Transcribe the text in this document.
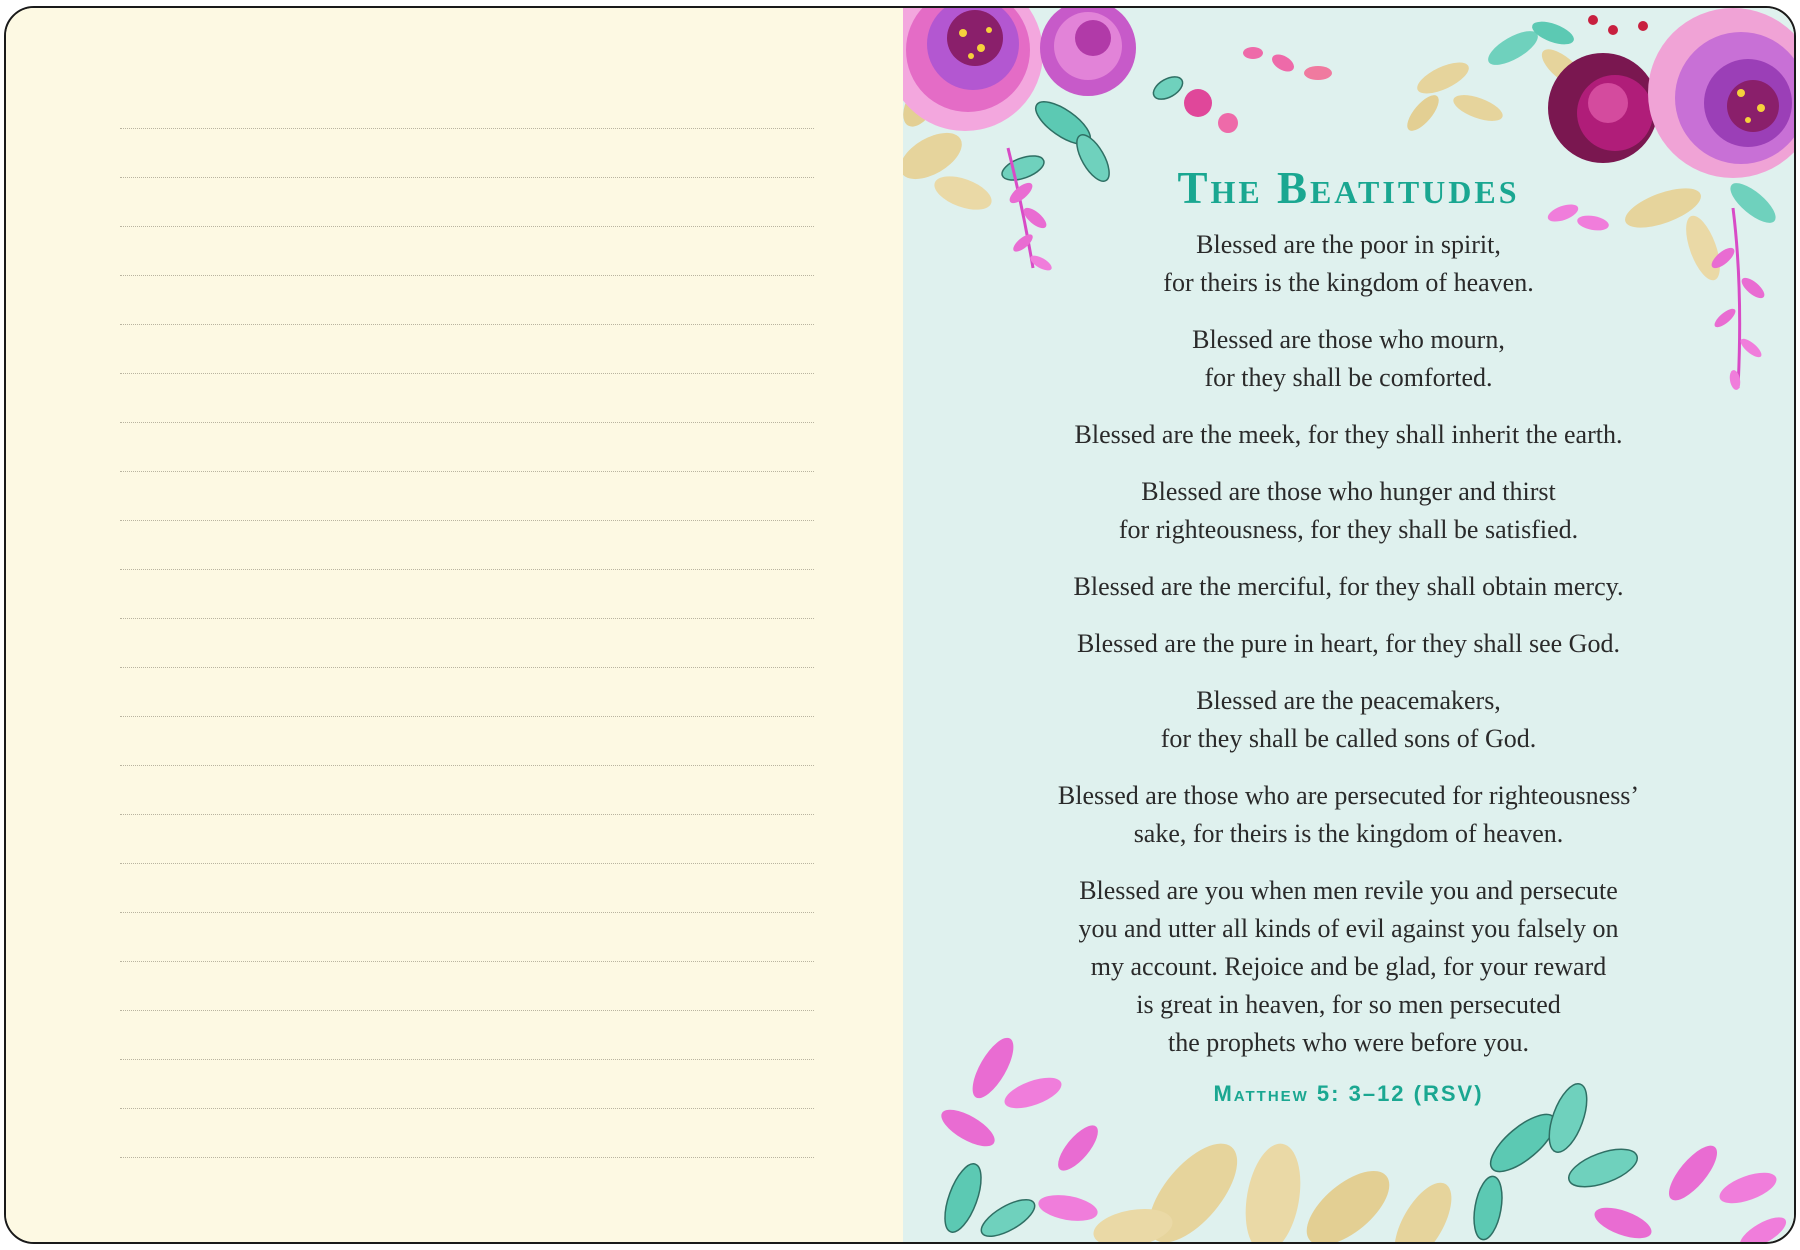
The Beatitudes
Blessed are the poor in spirit,
for theirs is the kingdom of heaven.
Blessed are those who mourn,
for they shall be comforted.
Blessed are the meek, for they shall inherit the earth.
Blessed are those who hunger and thirst
for righteousness, for they shall be satisfied.
Blessed are the merciful, for they shall obtain mercy.
Blessed are the pure in heart, for they shall see God.
Blessed are the peacemakers,
for they shall be called sons of God.
Blessed are those who are persecuted for righteousness’
sake, for theirs is the kingdom of heaven.
Blessed are you when men revile you and persecute
you and utter all kinds of evil against you falsely on
my account. Rejoice and be glad, for your reward
is great in heaven, for so men persecuted
the prophets who were before you.
Matthew 5: 3–12 (RSV)
